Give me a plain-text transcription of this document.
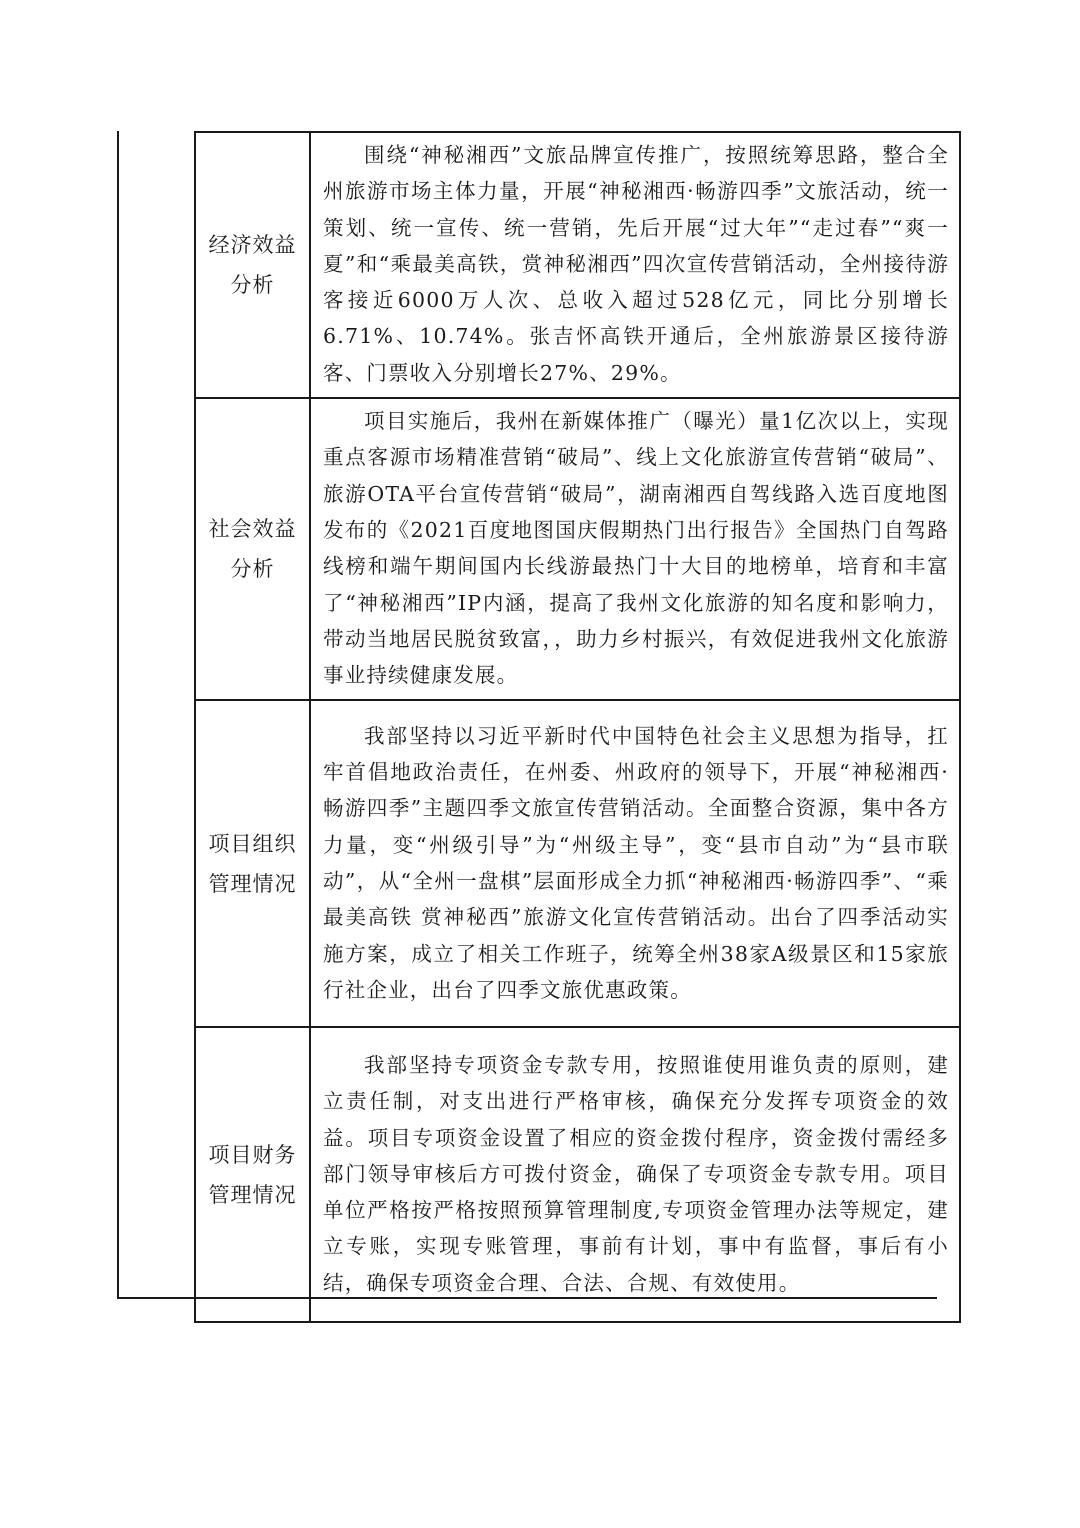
经济效益
分析	围绕“神秘湘西”文旅品牌宣传推广，按照统筹思路，整合全州旅游市场主体力量，开展“神秘湘西·畅游四季”文旅活动，统一策划、统一宣传、统一营销，先后开展“过大年”“走过春”“爽一夏”和“乘最美高铁，赏神秘湘西”四次宣传营销活动，全州接待游客接近6000万人次、总收入超过528亿元，同比分别增长6.71%、10.74%。张吉怀高铁开通后，全州旅游景区接待游客、门票收入分别增长27%、29%。

社会效益
分析	项目实施后，我州在新媒体推广（曝光）量1亿次以上，实现重点客源市场精准营销“破局”、线上文化旅游宣传营销“破局”、旅游OTA平台宣传营销“破局”，湖南湘西自驾线路入选百度地图发布的《2021百度地图国庆假期热门出行报告》全国热门自驾路线榜和端午期间国内长线游最热门十大目的地榜单，培育和丰富了“神秘湘西”IP内涵，提高了我州文化旅游的知名度和影响力，带动当地居民脱贫致富，，助力乡村振兴，有效促进我州文化旅游事业持续健康发展。

项目组织
管理情况	我部坚持以习近平新时代中国特色社会主义思想为指导，扛牢首倡地政治责任，在州委、州政府的领导下，开展“神秘湘西·畅游四季”主题四季文旅宣传营销活动。全面整合资源，集中各方力量，变“州级引导”为“州级主导”，变“县市自动”为“县市联动”，从“全州一盘棋”层面形成全力抓“神秘湘西·畅游四季”、“乘最美高铁 赏神秘西”旅游文化宣传营销活动。出台了四季活动实施方案，成立了相关工作班子，统筹全州38家A级景区和15家旅行社企业，出台了四季文旅优惠政策。

项目财务
管理情况	我部坚持专项资金专款专用，按照谁使用谁负责的原则，建立责任制，对支出进行严格审核，确保充分发挥专项资金的效益。项目专项资金设置了相应的资金拨付程序，资金拨付需经多部门领导审核后方可拨付资金，确保了专项资金专款专用。项目单位严格按严格按照预算管理制度,专项资金管理办法等规定，建立专账，实现专账管理，事前有计划，事中有监督，事后有小结，确保专项资金合理、合法、合规、有效使用。
